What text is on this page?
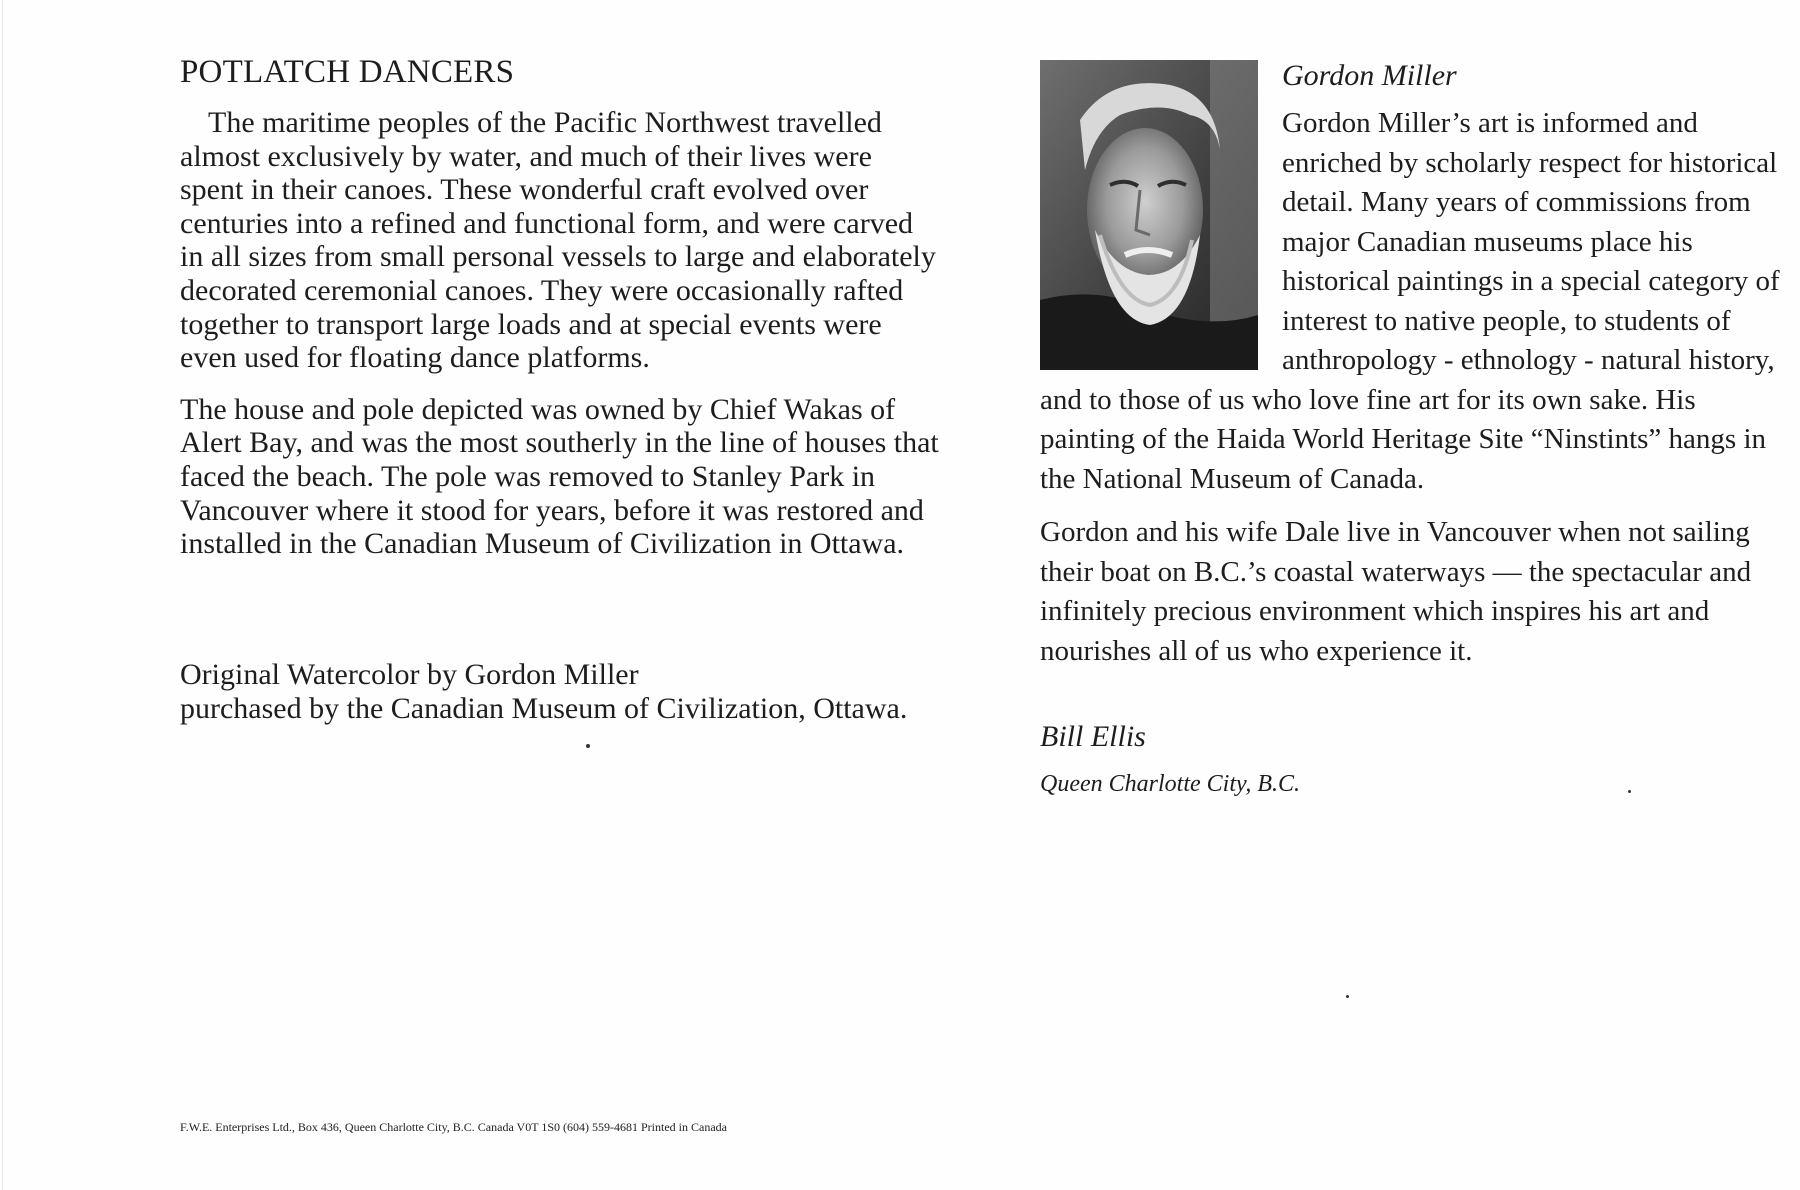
POTLATCH DANCERS

The maritime peoples of the Pacific Northwest travelled almost exclusively by water, and much of their lives were spent in their canoes. These wonderful craft evolved over centuries into a refined and functional form, and were carved in all sizes from small personal vessels to large and elaborately decorated ceremonial canoes. They were occasionally rafted together to transport large loads and at special events were even used for floating dance platforms.

The house and pole depicted was owned by Chief Wakas of Alert Bay, and was the most southerly in the line of houses that faced the beach. The pole was removed to Stanley Park in Vancouver where it stood for years, before it was restored and installed in the Canadian Museum of Civilization in Ottawa.

Original Watercolor by Gordon Miller
purchased by the Canadian Museum of Civilization, Ottawa.
Gordon Miller

Gordon Miller’s art is informed and enriched by scholarly respect for historical detail. Many years of commissions from major Canadian museums place his historical paintings in a special category of interest to native people, to students of anthropology - ethnology - natural history, and to those of us who love fine art for its own sake. His painting of the Haida World Heritage Site “Ninstints” hangs in the National Museum of Canada.

Gordon and his wife Dale live in Vancouver when not sailing their boat on B.C.’s coastal waterways — the spectacular and infinitely precious environment which inspires his art and nourishes all of us who experience it.

Bill Ellis
Queen Charlotte City, B.C.
F.W.E. Enterprises Ltd., Box 436, Queen Charlotte City, B.C. Canada V0T 1S0 (604) 559-4681 Printed in Canada
